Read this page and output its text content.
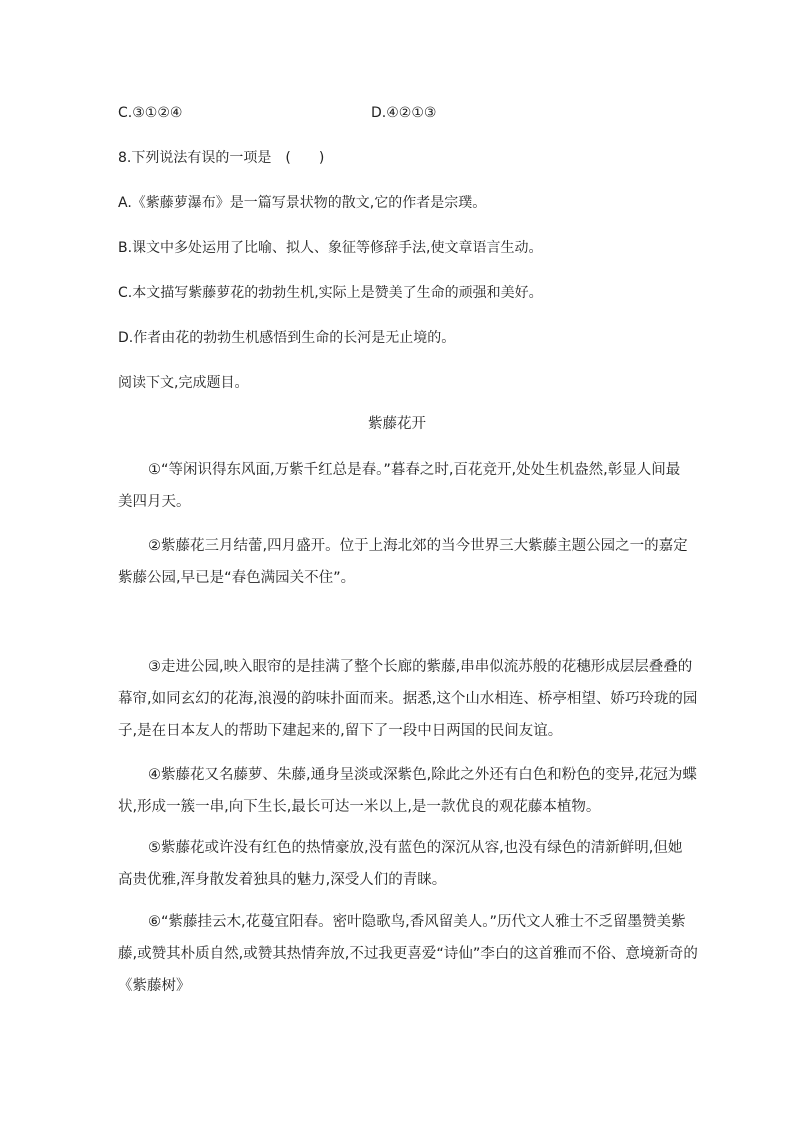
C.③①②④	D.④②①③
8.下列说法有误的一项是　(　　)
A.《紫藤萝瀑布》是一篇写景状物的散文,它的作者是宗璞。
B.课文中多处运用了比喻、拟人、象征等修辞手法,使文章语言生动。
C.本文描写紫藤萝花的勃勃生机,实际上是赞美了生命的顽强和美好。
D.作者由花的勃勃生机感悟到生命的长河是无止境的。
阅读下文,完成题目。
紫藤花开
①“等闲识得东风面,万紫千红总是春。”暮春之时,百花竞开,处处生机盎然,彰显人间最
美四月天。
②紫藤花三月结蕾,四月盛开。位于上海北郊的当今世界三大紫藤主题公园之一的嘉定
紫藤公园,早已是“春色满园关不住”。
③走进公园,映入眼帘的是挂满了整个长廊的紫藤,串串似流苏般的花穗形成层层叠叠的
幕帘,如同玄幻的花海,浪漫的韵味扑面而来。据悉,这个山水相连、桥亭相望、娇巧玲珑的园
子,是在日本友人的帮助下建起来的,留下了一段中日两国的民间友谊。
④紫藤花又名藤萝、朱藤,通身呈淡或深紫色,除此之外还有白色和粉色的变异,花冠为蝶
状,形成一簇一串,向下生长,最长可达一米以上,是一款优良的观花藤本植物。
⑤紫藤花或许没有红色的热情豪放,没有蓝色的深沉从容,也没有绿色的清新鲜明,但她
高贵优雅,浑身散发着独具的魅力,深受人们的青睐。
⑥“紫藤挂云木,花蔓宜阳春。密叶隐歌鸟,香风留美人。”历代文人雅士不乏留墨赞美紫
藤,或赞其朴质自然,或赞其热情奔放,不过我更喜爱“诗仙”李白的这首雅而不俗、意境新奇的
《紫藤树》
